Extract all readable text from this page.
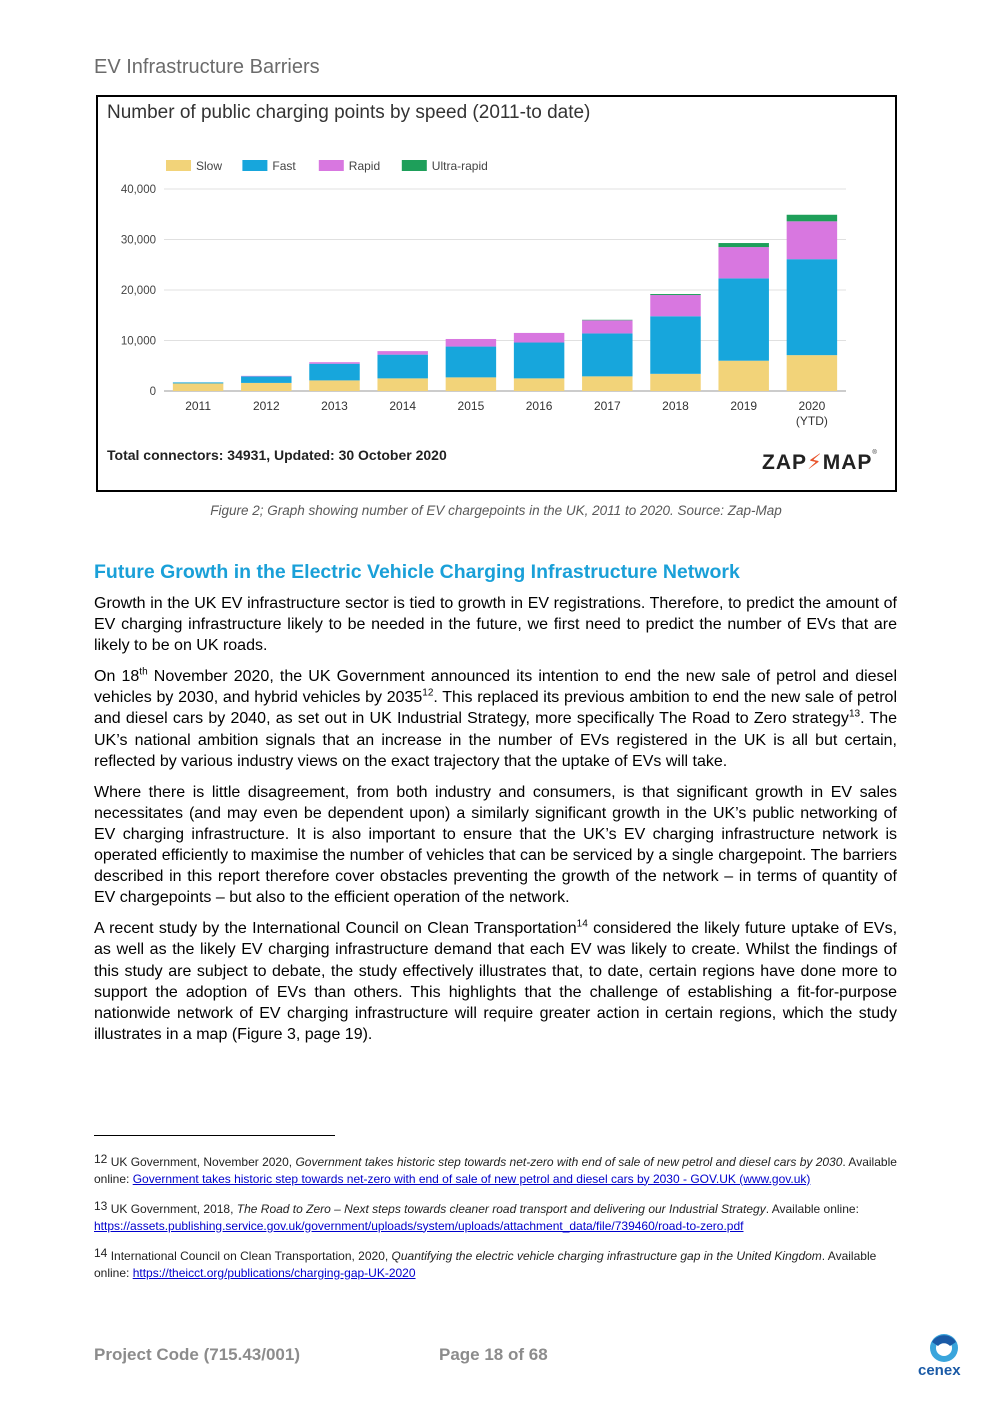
EV Infrastructure Barriers
0
10,000
20,000
30,000
40,000
Slow	Fast	Rapid	Ultra-rapid
2011	2012	2013	2014	2015	2016	2017	2018	2019	2020
(YTD)
Number of public charging points by speed (2011-to date)
Total connectors: 34931, Updated: 30 October 2020	ZAP⚡MAP®
Figure 2; Graph showing number of EV chargepoints in the UK, 2011 to 2020. Source: Zap-Map
Future Growth in the Electric Vehicle Charging Infrastructure Network

Growth in the UK EV infrastructure sector is tied to growth in EV registrations. Therefore, to predict the amount of EV charging infrastructure likely to be needed in the future, we first need to predict the number of EVs that are likely to be on UK roads.

On 18th November 2020, the UK Government announced its intention to end the new sale of petrol and diesel vehicles by 2030, and hybrid vehicles by 2035$^{12}$. This replaced its previous ambition to end the new sale of petrol and diesel cars by 2040, as set out in UK Industrial Strategy, more specifically The Road to Zero strategy$^{13}$. The UK’s national ambition signals that an increase in the number of EVs registered in the UK is all but certain, reflected by various industry views on the exact trajectory that the uptake of EVs will take.

Where there is little disagreement, from both industry and consumers, is that significant growth in EV sales necessitates (and may even be dependent upon) a similarly significant growth in the UK’s public networking of EV charging infrastructure. It is also important to ensure that the UK’s EV charging infrastructure network is operated efficiently to maximise the number of vehicles that can be serviced by a single chargepoint. The barriers described in this report therefore cover obstacles preventing the growth of the network – in terms of quantity of EV chargepoints – but also to the efficient operation of the network.

A recent study by the International Council on Clean Transportation$^{14}$ considered the likely future uptake of EVs, as well as the likely EV charging infrastructure demand that each EV was likely to create. Whilst the findings of this study are subject to debate, the study effectively illustrates that, to date, certain regions have done more to support the adoption of EVs than others. This highlights that the challenge of establishing a fit-for-purpose nationwide network of EV charging infrastructure will require greater action in certain regions, which the study illustrates in a map (Figure 3, page 19).

12 UK Government, November 2020, Government takes historic step towards net-zero with end of sale of new petrol and diesel cars by 2030. Available online: Government takes historic step towards net-zero with end of sale of new petrol and diesel cars by 2030 - GOV.UK (www.gov.uk)
13 UK Government, 2018, The Road to Zero – Next steps towards cleaner road transport and delivering our Industrial Strategy. Available online: https://assets.publishing.service.gov.uk/government/uploads/system/uploads/attachment_data/file/739460/road-to-zero.pdf
14 International Council on Clean Transportation, 2020, Quantifying the electric vehicle charging infrastructure gap in the United Kingdom. Available online: https://theicct.org/publications/charging-gap-UK-2020
Project Code (715.43/001)	Page 18 of 68
cenex
